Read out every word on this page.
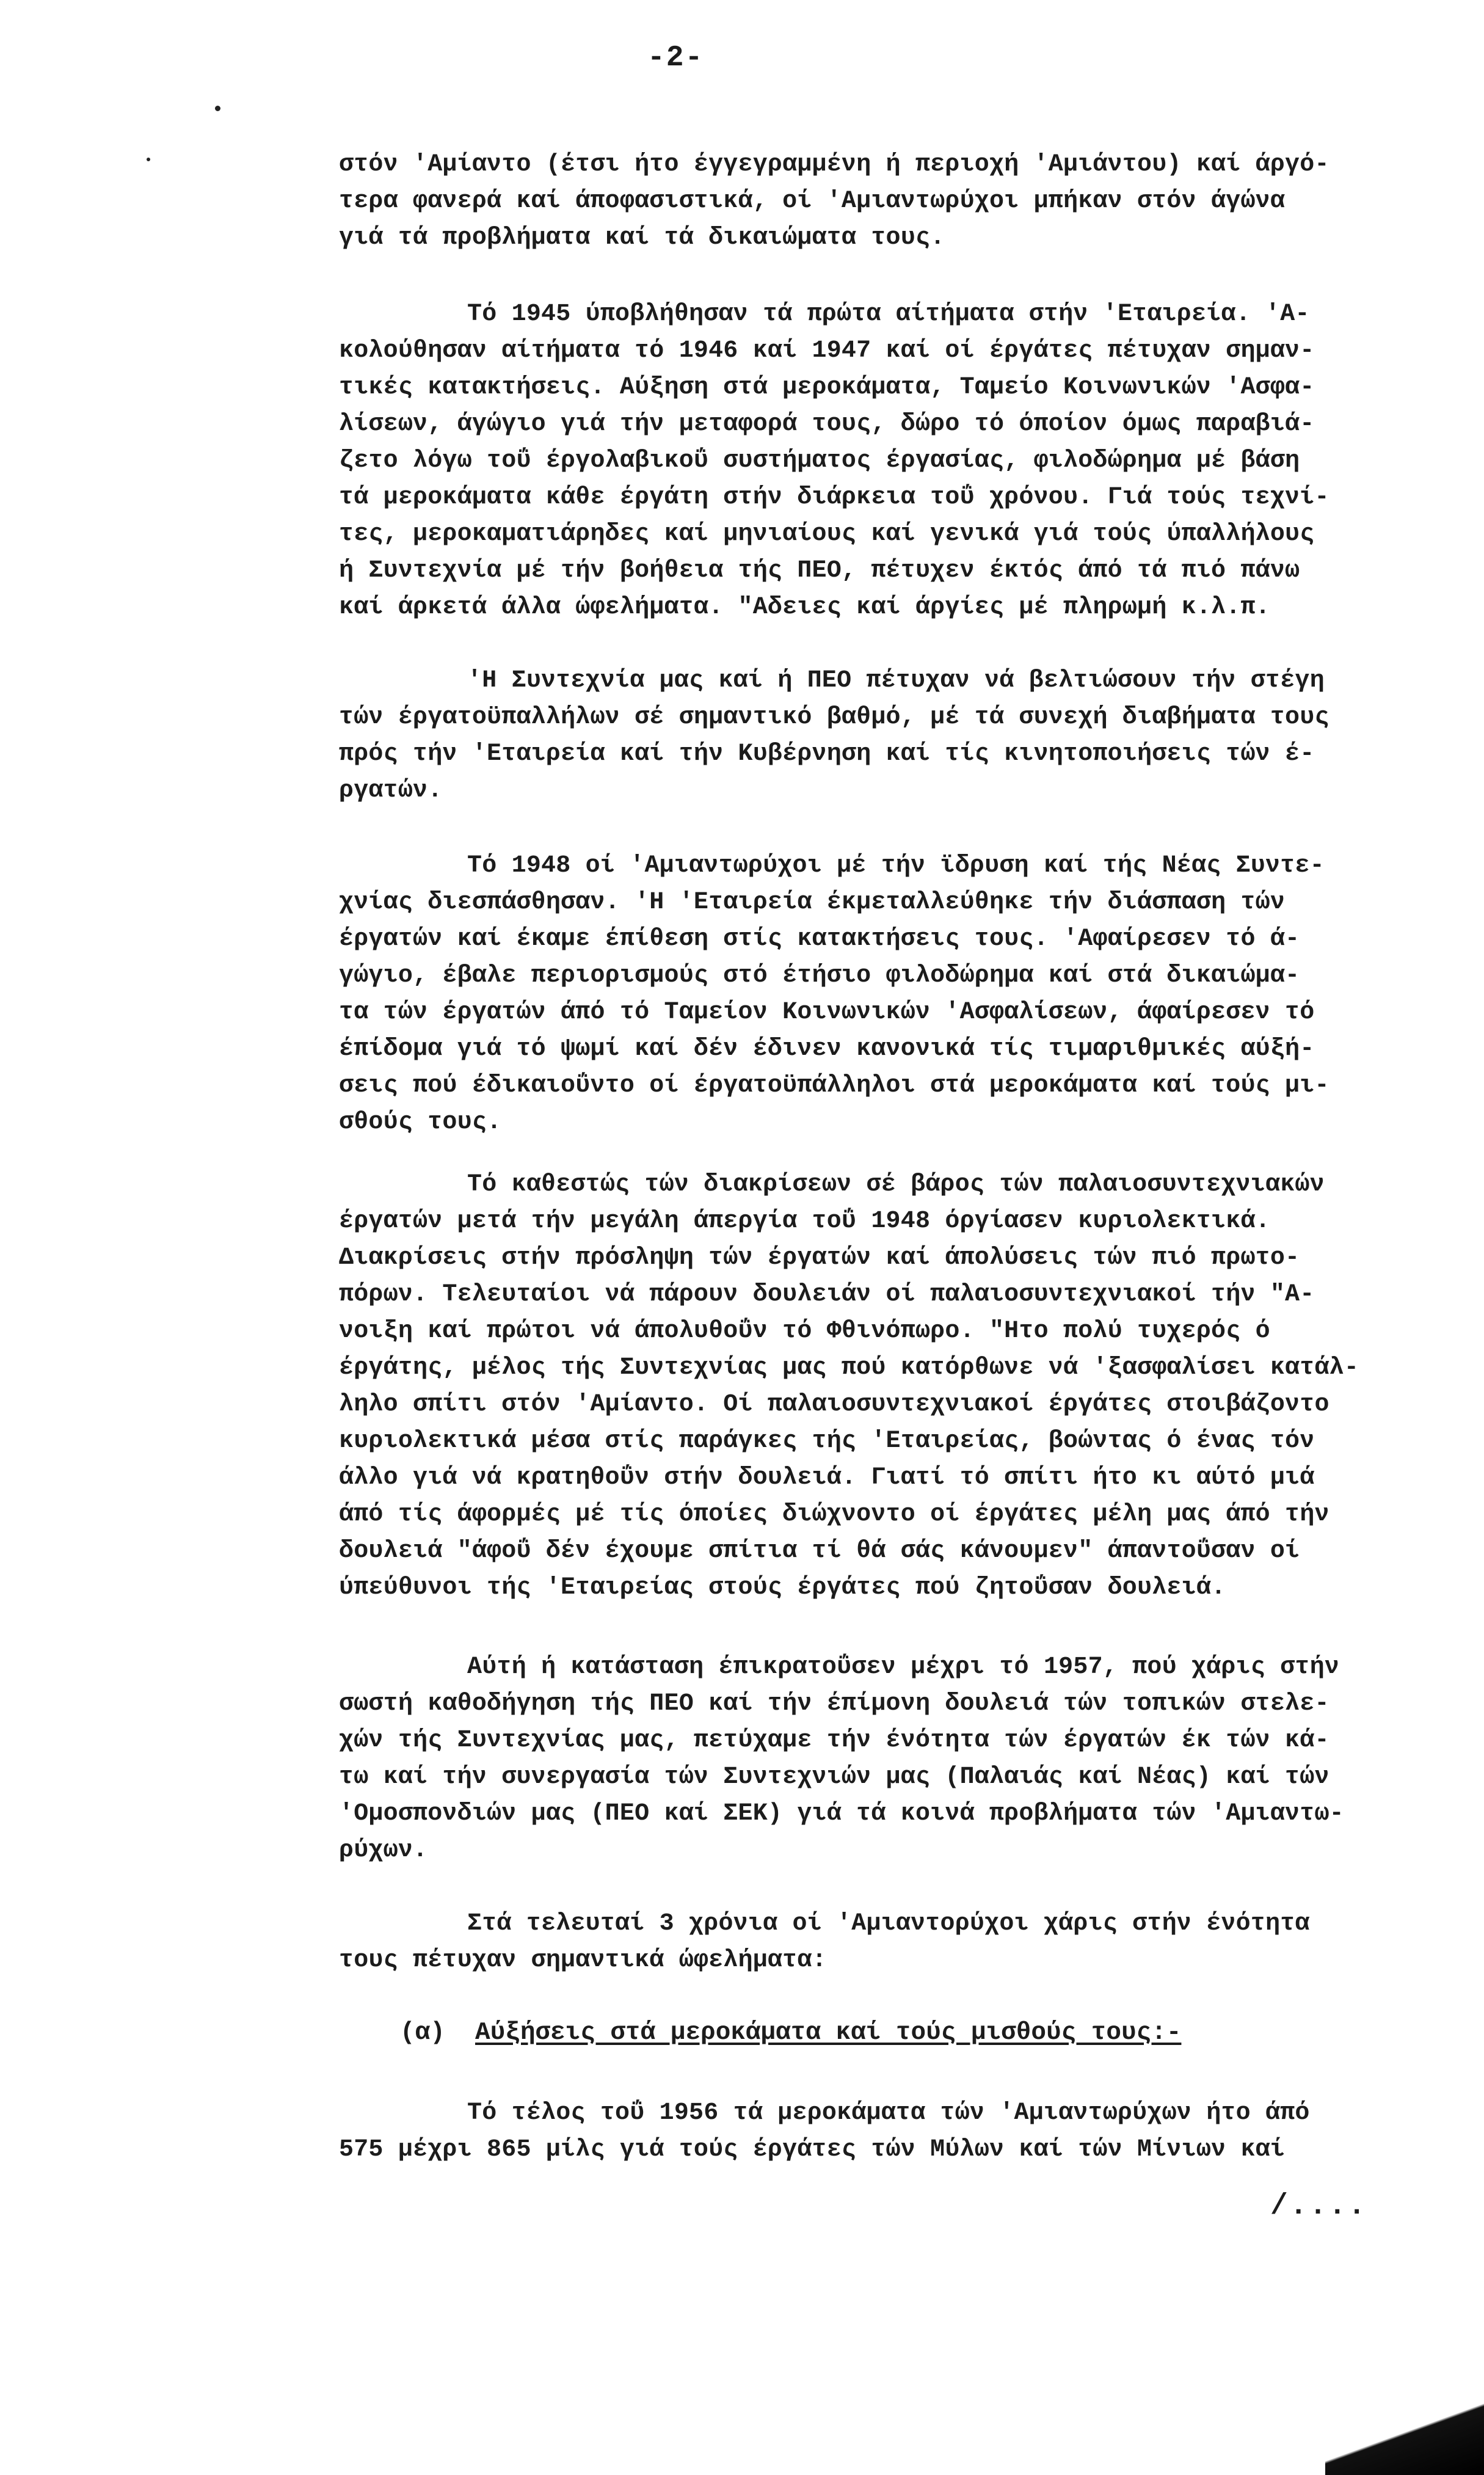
-2-
στόν 'Αμίαντο (έτσι ήτο έγγεγραμμένη ή περιοχή 'Αμιάντου) καί άργό-
τερα φανερά καί άποφασιστικά, οί 'Αμιαντωρύχοι μπήκαν στόν άγώνα
γιά τά προβλήματα καί τά δικαιώματα τους.
Τό 1945 ύποβλήθησαν τά πρώτα αίτήματα στήν 'Εταιρεία. 'Α-
κολούθησαν αίτήματα τό 1946 καί 1947 καί οί έργάτες πέτυχαν σημαν-
τικές κατακτήσεις. Αύξηση στά μεροκάματα, Ταμείο Κοινωνικών 'Ασφα-
λίσεων, άγώγιο γιά τήν μεταφορά τους, δώρο τό όποίον όμως παραβιά-
ζετο λόγω τοΰ έργολαβικοΰ συστήματος έργασίας, φιλοδώρημα μέ βάση
τά μεροκάματα κάθε έργάτη στήν διάρκεια τοΰ χρόνου. Γιά τούς τεχνί-
τες, μεροκαματιάρηδες καί μηνιαίους καί γενικά γιά τούς ύπαλλήλους
ή Συντεχνία μέ τήν βοήθεια τής ΠΕΟ, πέτυχεν έκτός άπό τά πιό πάνω
καί άρκετά άλλα ώφελήματα. "Αδειες καί άργίες μέ πληρωμή κ.λ.π.
'Η Συντεχνία μας καί ή ΠΕΟ πέτυχαν νά βελτιώσουν τήν στέγη
τών έργατοϋπαλλήλων σέ σημαντικό βαθμό, μέ τά συνεχή διαβήματα τους
πρός τήν 'Εταιρεία καί τήν Κυβέρνηση καί τίς κινητοποιήσεις τών έ-
ργατών.
Τό 1948 οί 'Αμιαντωρύχοι μέ τήν ϊδρυση καί τής Νέας Συντε-
χνίας διεσπάσθησαν. 'Η 'Εταιρεία έκμεταλλεύθηκε τήν διάσπαση τών
έργατών καί έκαμε έπίθεση στίς κατακτήσεις τους. 'Αφαίρεσεν τό ά-
γώγιο, έβαλε περιορισμούς στό έτήσιο φιλοδώρημα καί στά δικαιώμα-
τα τών έργατών άπό τό Ταμείον Κοινωνικών 'Ασφαλίσεων, άφαίρεσεν τό
έπίδομα γιά τό ψωμί καί δέν έδινεν κανονικά τίς τιμαριθμικές αύξή-
σεις πού έδικαιοΰντο οί έργατοϋπάλληλοι στά μεροκάματα καί τούς μι-
σθούς τους.
Τό καθεστώς τών διακρίσεων σέ βάρος τών παλαιοσυντεχνιακών
έργατών μετά τήν μεγάλη άπεργία τοΰ 1948 όργίασεν κυριολεκτικά.
Διακρίσεις στήν πρόσληψη τών έργατών καί άπολύσεις τών πιό πρωτο-
πόρων. Τελευταίοι νά πάρουν δουλειάν οί παλαιοσυντεχνιακοί τήν "Α-
νοιξη καί πρώτοι νά άπολυθοΰν τό Φθινόπωρο. "Ητο πολύ τυχερός ό
έργάτης, μέλος τής Συντεχνίας μας πού κατόρθωνε νά 'ξασφαλίσει κατάλ-
ληλο σπίτι στόν 'Αμίαντο. Οί παλαιοσυντεχνιακοί έργάτες στοιβάζοντο
κυριολεκτικά μέσα στίς παράγκες τής 'Εταιρείας, βοώντας ό ένας τόν
άλλο γιά νά κρατηθοΰν στήν δουλειά. Γιατί τό σπίτι ήτο κι αύτό μιά
άπό τίς άφορμές μέ τίς όποίες διώχνοντο οί έργάτες μέλη μας άπό τήν
δουλειά "άφοΰ δέν έχουμε σπίτια τί θά σάς κάνουμεν" άπαντοΰσαν οί
ύπεύθυνοι τής 'Εταιρείας στούς έργάτες πού ζητοΰσαν δουλειά.
Αύτή ή κατάσταση έπικρατοΰσεν μέχρι τό 1957, πού χάρις στήν
σωστή καθοδήγηση τής ΠΕΟ καί τήν έπίμονη δουλειά τών τοπικών στελε-
χών τής Συντεχνίας μας, πετύχαμε τήν ένότητα τών έργατών έκ τών κά-
τω καί τήν συνεργασία τών Συντεχνιών μας (Παλαιάς καί Νέας) καί τών
'Ομοσπονδιών μας (ΠΕΟ καί ΣΕΚ) γιά τά κοινά προβλήματα τών 'Αμιαντω-
ρύχων.
Στά τελευταί 3 χρόνια οί 'Αμιαντορύχοι χάρις στήν ένότητα
τους πέτυχαν σημαντικά ώφελήματα:
(α) Αύξήσεις στά μεροκάματα καί τούς μισθούς τους:-
Τό τέλος τοΰ 1956 τά μεροκάματα τών 'Αμιαντωρύχων ήτο άπό
575 μέχρι 865 μίλς γιά τούς έργάτες τών Μύλων καί τών Μίνιων καί
/....
